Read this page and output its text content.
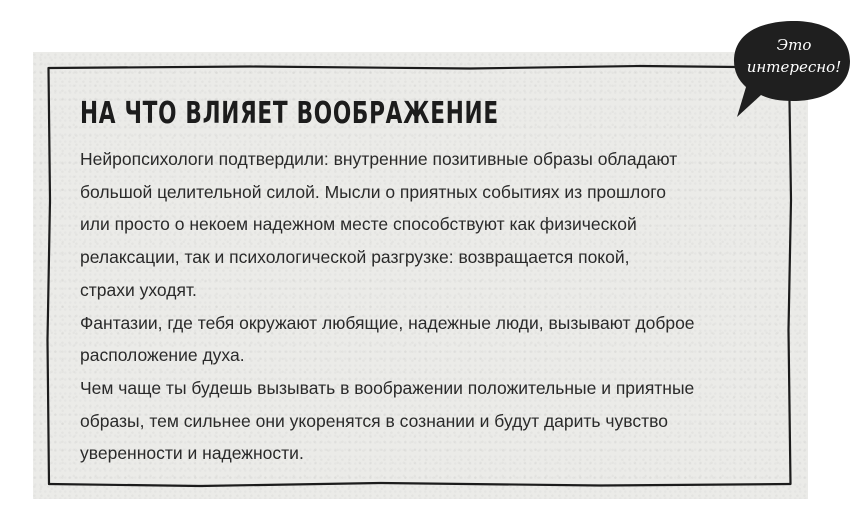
НА ЧТО ВЛИЯЕТ ВООБРАЖЕНИЕ

Нейропсихологи подтвердили: внутренние позитивные образы обладают
большой целительной силой. Мысли о приятных событиях из прошлого
или просто о некоем надежном месте способствуют как физической
релаксации, так и психологической разгрузке: возвращается покой,
страхи уходят.

Фантазии, где тебя окружают любящие, надежные люди, вызывают доброе
расположение духа.

Чем чаще ты будешь вызывать в воображении положительные и приятные
образы, тем сильнее они укоренятся в сознании и будут дарить чувство
уверенности и надежности.

Это
интересно!
